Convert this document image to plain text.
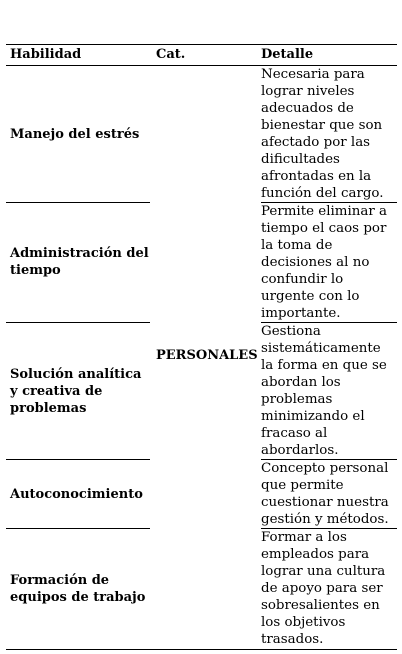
Habilidad	Cat.	Detalle
Manejo del estrés
Necesaria para lograr niveles adecuados de bienestar que son afectado por las dificultades afrontadas en la función del cargo.
Administración del tiempo
Permite eliminar a tiempo el caos por la toma de decisiones al no confundir lo urgente con lo importante.
Solución analítica y creativa de problemas
Gestiona sistemáticamente la forma en que se abordan los problemas minimizando el fracaso al abordarlos.
Autoconocimiento
Concepto personal que permite cuestionar nuestra gestión y métodos.
Formación de equipos de trabajo
Formar a los empleados para lograr una cultura de apoyo para ser sobresalientes en los objetivos trasados.
PERSONALES
